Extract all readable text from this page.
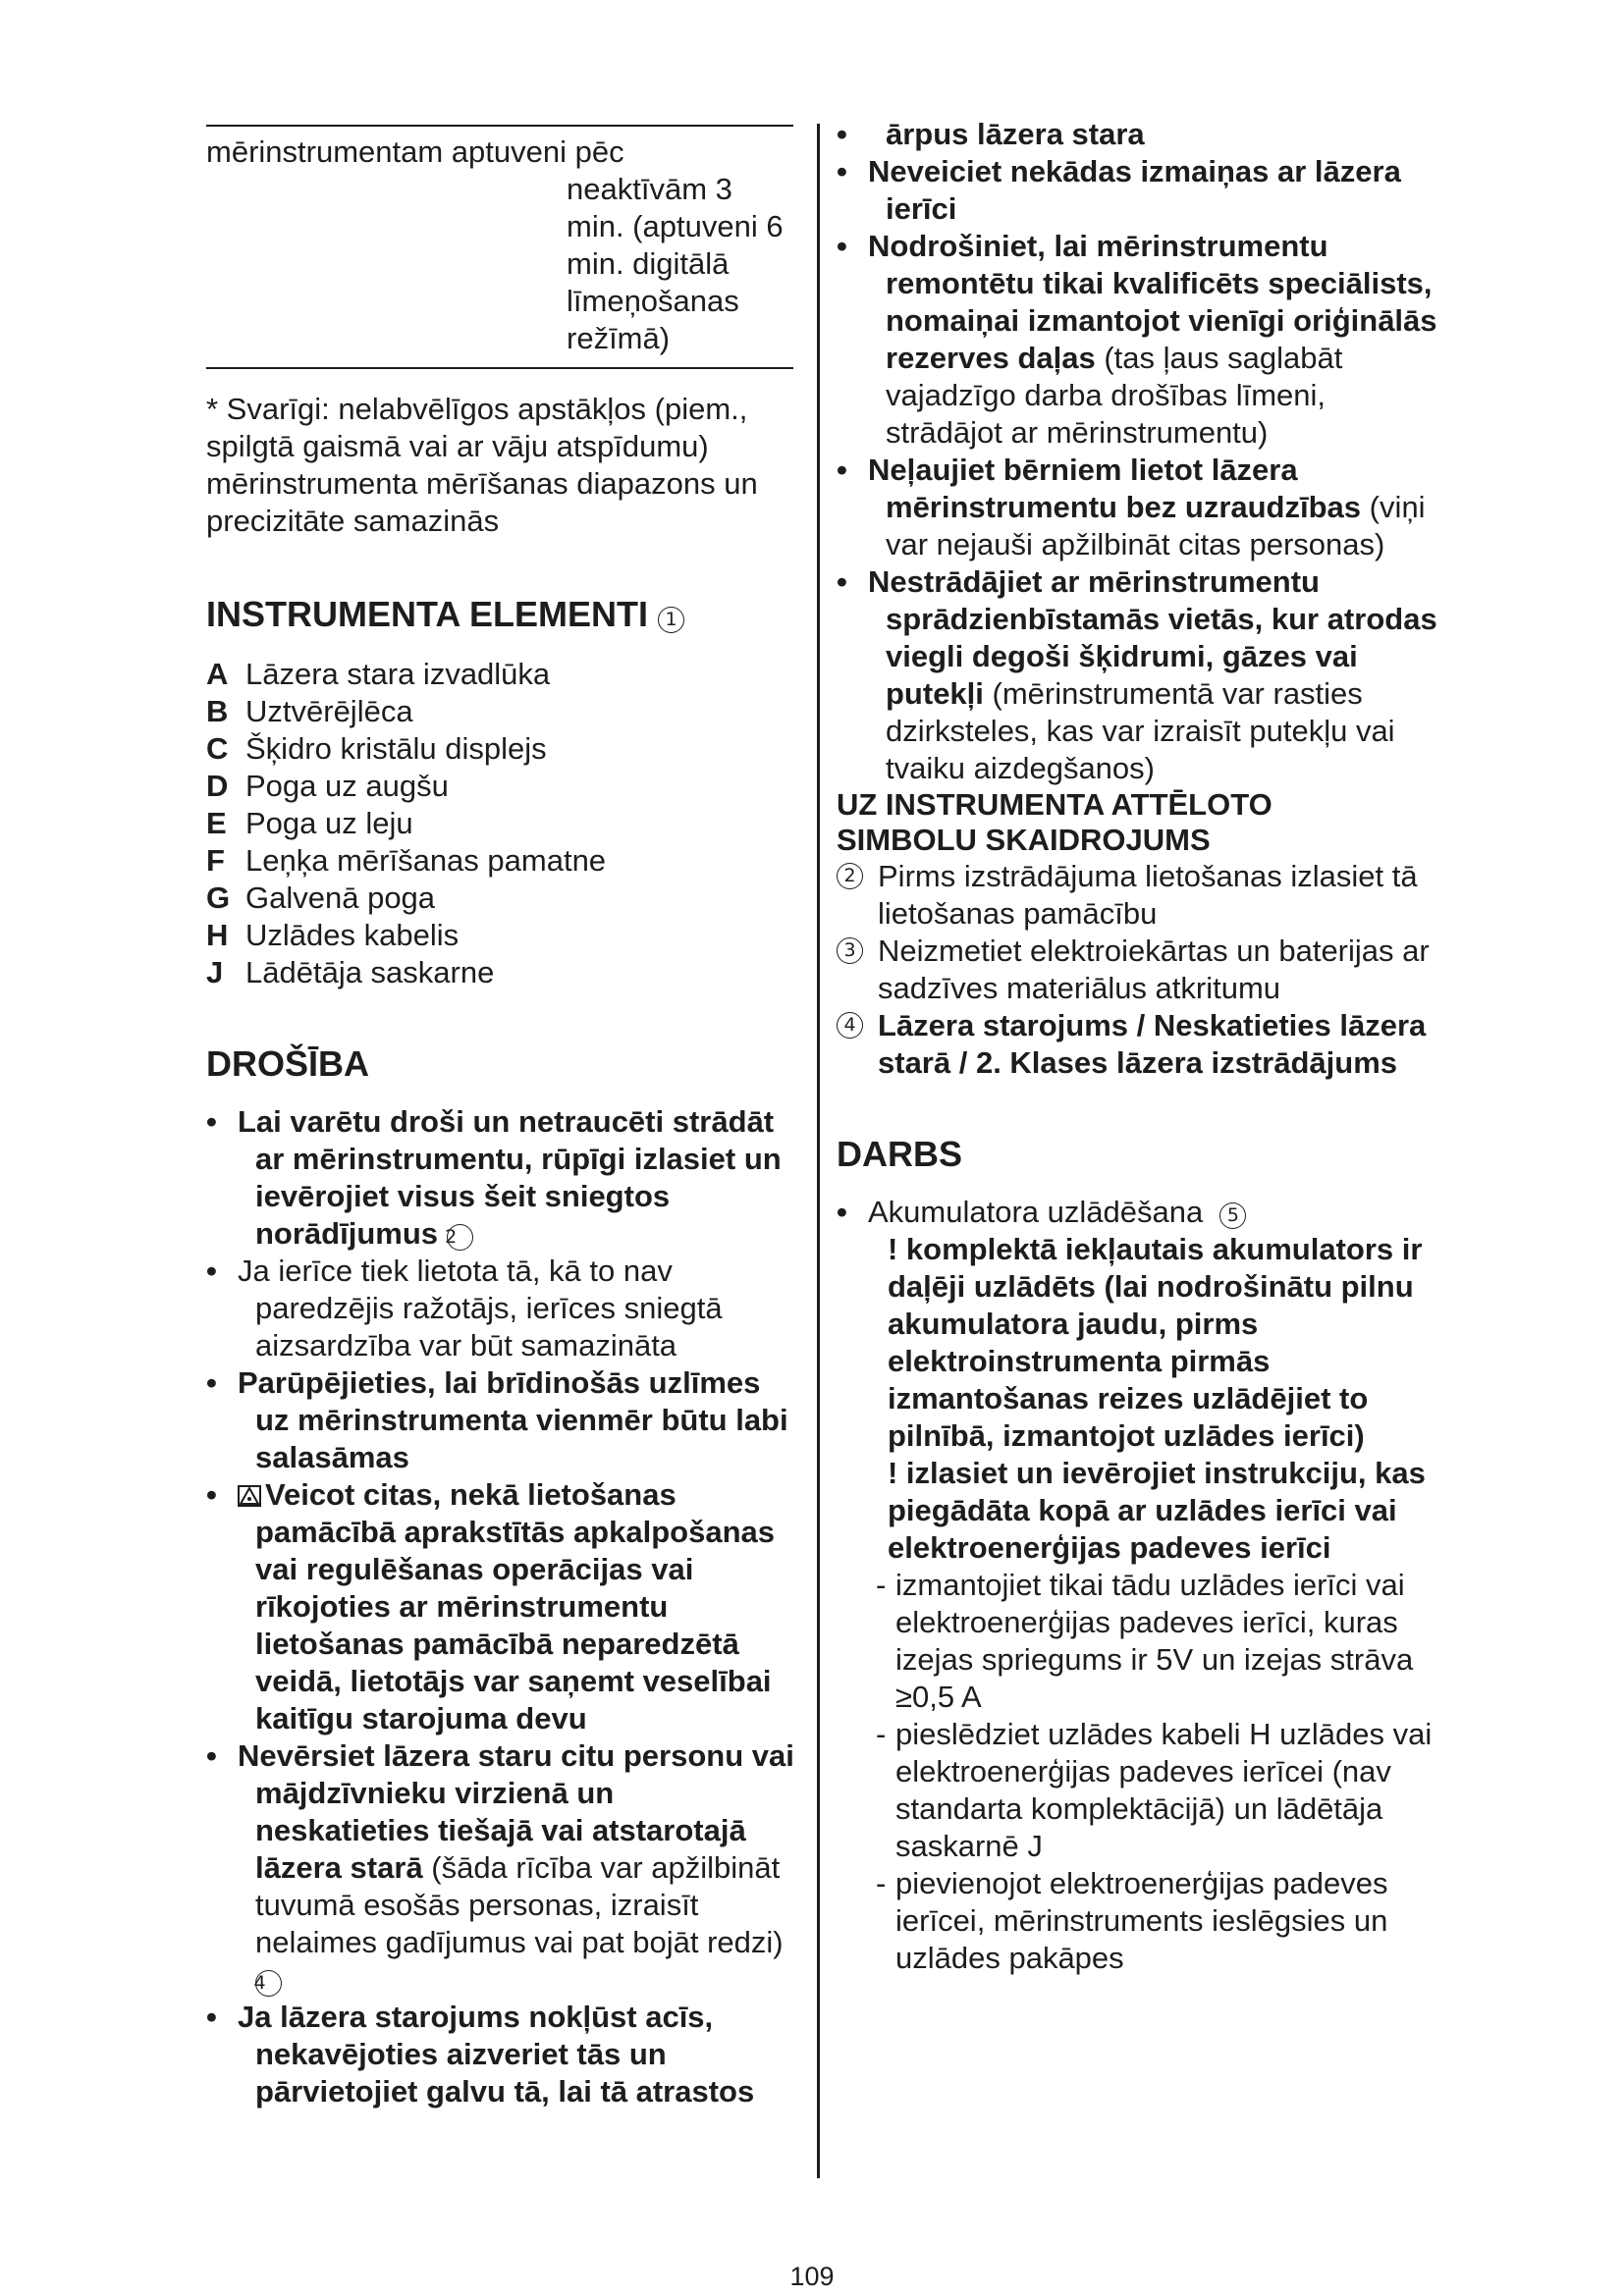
mērinstrumentam aptuveni pēc
neaktīvām 3 min. (aptuveni 6 min. digitālā līmeņošanas režīmā)
* Svarīgi: nelabvēlīgos apstākļos (piem., spilgtā gaismā vai ar vāju atspīdumu) mērinstrumenta mērīšanas diapazons un precizitāte samazinās
INSTRUMENTA ELEMENTI 1
A Lāzera stara izvadlūka
B Uztvērējlēca
C Šķidro kristālu displejs
D Poga uz augšu
E Poga uz leju
F Leņķa mērīšanas pamatne
G Galvenā poga
H Uzlādes kabelis
J Lādētāja saskarne
DROŠĪBA
• Lai varētu droši un netraucēti strādāt ar mērinstrumentu, rūpīgi izlasiet un ievērojiet visus šeit sniegtos norādījumus 2
• Ja ierīce tiek lietota tā, kā to nav paredzējis ražotājs, ierīces sniegtā aizsardzība var būt samazināta
• Parūpējieties, lai brīdinošās uzlīmes uz mērinstrumenta vienmēr būtu labi salasāmas
• Veicot citas, nekā lietošanas pamācībā aprakstītās apkalpošanas vai regulēšanas operācijas vai rīkojoties ar mērinstrumentu lietošanas pamācībā neparedzētā veidā, lietotājs var saņemt veselībai kaitīgu starojuma devu
• Nevērsiet lāzera staru citu personu vai mājdzīvnieku virzienā un neskatieties tiešajā vai atstarotajā lāzera starā (šāda rīcība var apžilbināt tuvumā esošās personas, izraisīt nelaimes gadījumus vai pat bojāt redzi) 4
• Ja lāzera starojums nokļūst acīs, nekavējoties aizveriet tās un pārvietojiet galvu tā, lai tā atrastos
• ārpus lāzera stara
• Neveiciet nekādas izmaiņas ar lāzera ierīci
• Nodrošiniet, lai mērinstrumentu remontētu tikai kvalificēts speciālists, nomaiņai izmantojot vienīgi oriģinālās rezerves daļas (tas ļaus saglabāt vajadzīgo darba drošības līmeni, strādājot ar mērinstrumentu)
• Neļaujiet bērniem lietot lāzera mērinstrumentu bez uzraudzības (viņi var nejauši apžilbināt citas personas)
• Nestrādājiet ar mērinstrumentu sprādzienbīstamās vietās, kur atrodas viegli degoši šķidrumi, gāzes vai putekļi (mērinstrumentā var rasties dzirksteles, kas var izraisīt putekļu vai tvaiku aizdegšanos)
UZ INSTRUMENTA ATTĒLOTO SIMBOLU SKAIDROJUMS
2 Pirms izstrādājuma lietošanas izlasiet tā lietošanas pamācību
3 Neizmetiet elektroiekārtas un baterijas ar sadzīves materiālus atkritumu
4 Lāzera starojums / Neskatieties lāzera starā / 2. Klases lāzera izstrādājums
DARBS
• Akumulatora uzlādēšana 5
! komplektā iekļautais akumulators ir daļēji uzlādēts (lai nodrošinātu pilnu akumulatora jaudu, pirms elektroinstrumenta pirmās izmantošanas reizes uzlādējiet to pilnībā, izmantojot uzlādes ierīci)
! izlasiet un ievērojiet instrukciju, kas piegādāta kopā ar uzlādes ierīci vai elektroenerģijas padeves ierīci
- izmantojiet tikai tādu uzlādes ierīci vai elektroenerģijas padeves ierīci, kuras izejas spriegums ir 5V un izejas strāva ≥0,5 A
- pieslēdziet uzlādes kabeli H uzlādes vai elektroenerģijas padeves ierīcei (nav standarta komplektācijā) un lādētāja saskarnē J
- pievienojot elektroenerģijas padeves ierīcei, mērinstruments ieslēgsies un uzlādes pakāpes
109
